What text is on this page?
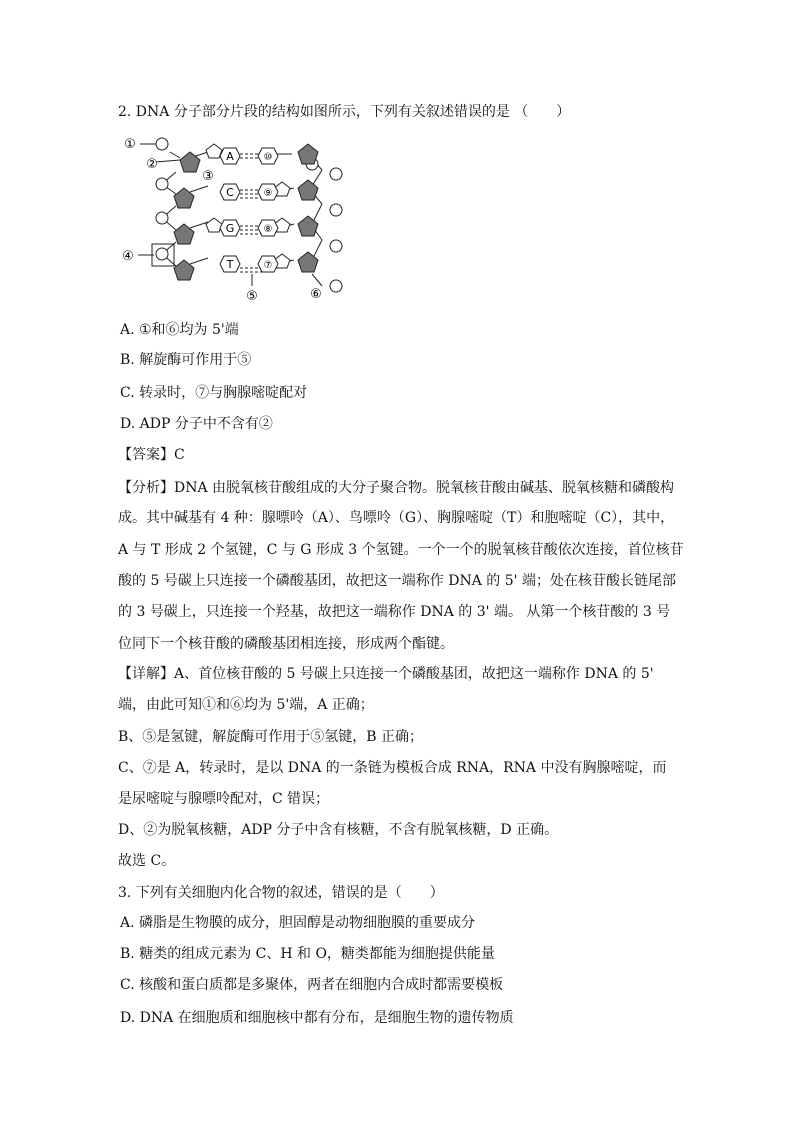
2. DNA 分子部分片段的结构如图所示，下列有关叙述错误的是 （　　）
A
C
G
T
⑩
⑨
⑧
⑦
①
②
③
④
⑤	⑥
A. ①和⑥均为 5'端
B. 解旋酶可作用于⑤
C. 转录时，⑦与胸腺嘧啶配对
D. ADP 分子中不含有②
【答案】C
【分析】DNA 由脱氧核苷酸组成的大分子聚合物。脱氧核苷酸由碱基、脱氧核糖和磷酸构
成。其中碱基有 4 种：腺嘌呤（A）、鸟嘌呤（G）、胸腺嘧啶（T）和胞嘧啶（C），其中，
A 与 T 形成 2 个氢键，C 与 G 形成 3 个氢键。一个一个的脱氧核苷酸依次连接，首位核苷
酸的 5 号碳上只连接一个磷酸基团，故把这一端称作 DNA 的 5' 端；处在核苷酸长链尾部
的 3 号碳上，只连接一个羟基，故把这一端称作 DNA 的 3' 端。 从第一个核苷酸的 3 号
位同下一个核苷酸的磷酸基团相连接，形成两个酯键。
【详解】A、首位核苷酸的 5 号碳上只连接一个磷酸基团，故把这一端称作 DNA 的 5'
端，由此可知①和⑥均为 5'端，A 正确；
B、⑤是氢键，解旋酶可作用于⑤氢键，B 正确；
C、⑦是 A，转录时，是以 DNA 的一条链为模板合成 RNA，RNA 中没有胸腺嘧啶，而
是尿嘧啶与腺嘌呤配对，C 错误；
D、②为脱氧核糖，ADP 分子中含有核糖，不含有脱氧核糖，D 正确。
故选 C。
3. 下列有关细胞内化合物的叙述，错误的是（　　）
A. 磷脂是生物膜的成分，胆固醇是动物细胞膜的重要成分
B. 糖类的组成元素为 C、H 和 O，糖类都能为细胞提供能量
C. 核酸和蛋白质都是多聚体，两者在细胞内合成时都需要模板
D. DNA 在细胞质和细胞核中都有分布，是细胞生物的遗传物质
